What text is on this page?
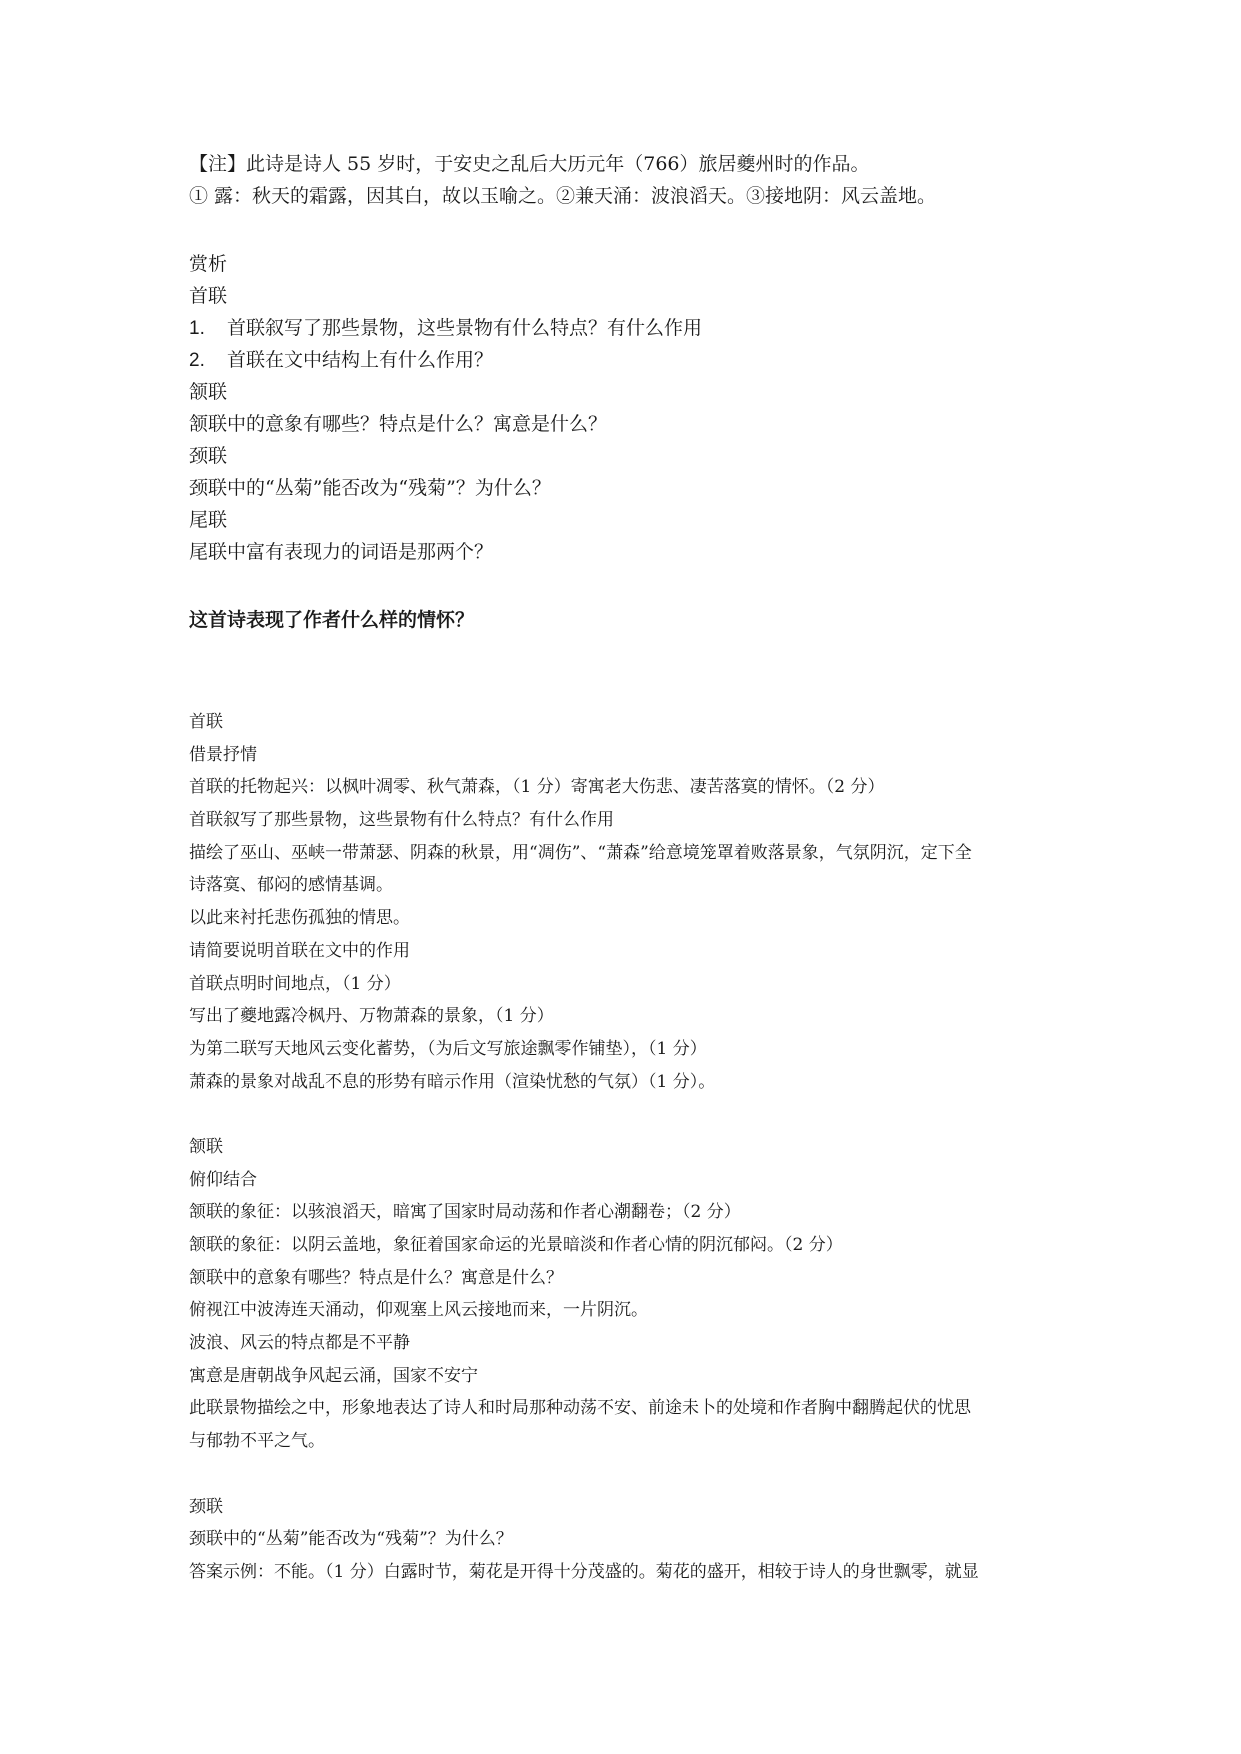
【注】此诗是诗人 55 岁时，于安史之乱后大历元年（766）旅居夔州时的作品。
① 露：秋天的霜露，因其白，故以玉喻之。②兼天涌：波浪滔天。③接地阴：风云盖地。
赏析
首联
1. 首联叙写了那些景物，这些景物有什么特点？有什么作用
2. 首联在文中结构上有什么作用？
颔联
颔联中的意象有哪些？特点是什么？寓意是什么？
颈联
颈联中的“丛菊”能否改为“残菊”？为什么？
尾联
尾联中富有表现力的词语是那两个？
这首诗表现了作者什么样的情怀？
首联
借景抒情
首联的托物起兴：以枫叶凋零、秋气萧森，（1 分）寄寓老大伤悲、凄苦落寞的情怀。（2 分）
首联叙写了那些景物，这些景物有什么特点？有什么作用
描绘了巫山、巫峡一带萧瑟、阴森的秋景，用“凋伤”、“萧森”给意境笼罩着败落景象，气氛阴沉，定下全
诗落寞、郁闷的感情基调。
以此来衬托悲伤孤独的情思。
请简要说明首联在文中的作用
首联点明时间地点，（1 分）
写出了夔地露冷枫丹、万物萧森的景象，（1 分）
为第二联写天地风云变化蓄势，（为后文写旅途飘零作铺垫），（1 分）
萧森的景象对战乱不息的形势有暗示作用（渲染忧愁的气氛）（1 分）。
颔联
俯仰结合
颔联的象征：以骇浪滔天，暗寓了国家时局动荡和作者心潮翻卷；（2 分）
颔联的象征：以阴云盖地，象征着国家命运的光景暗淡和作者心情的阴沉郁闷。（2 分）
颔联中的意象有哪些？特点是什么？寓意是什么？
俯视江中波涛连天涌动，仰观塞上风云接地而来，一片阴沉。
波浪、风云的特点都是不平静
寓意是唐朝战争风起云涌，国家不安宁
此联景物描绘之中，形象地表达了诗人和时局那种动荡不安、前途未卜的处境和作者胸中翻腾起伏的忧思
与郁勃不平之气。
颈联
颈联中的“丛菊”能否改为“残菊”？为什么？
答案示例：不能。（1 分）白露时节，菊花是开得十分茂盛的。菊花的盛开，相较于诗人的身世飘零，就显
